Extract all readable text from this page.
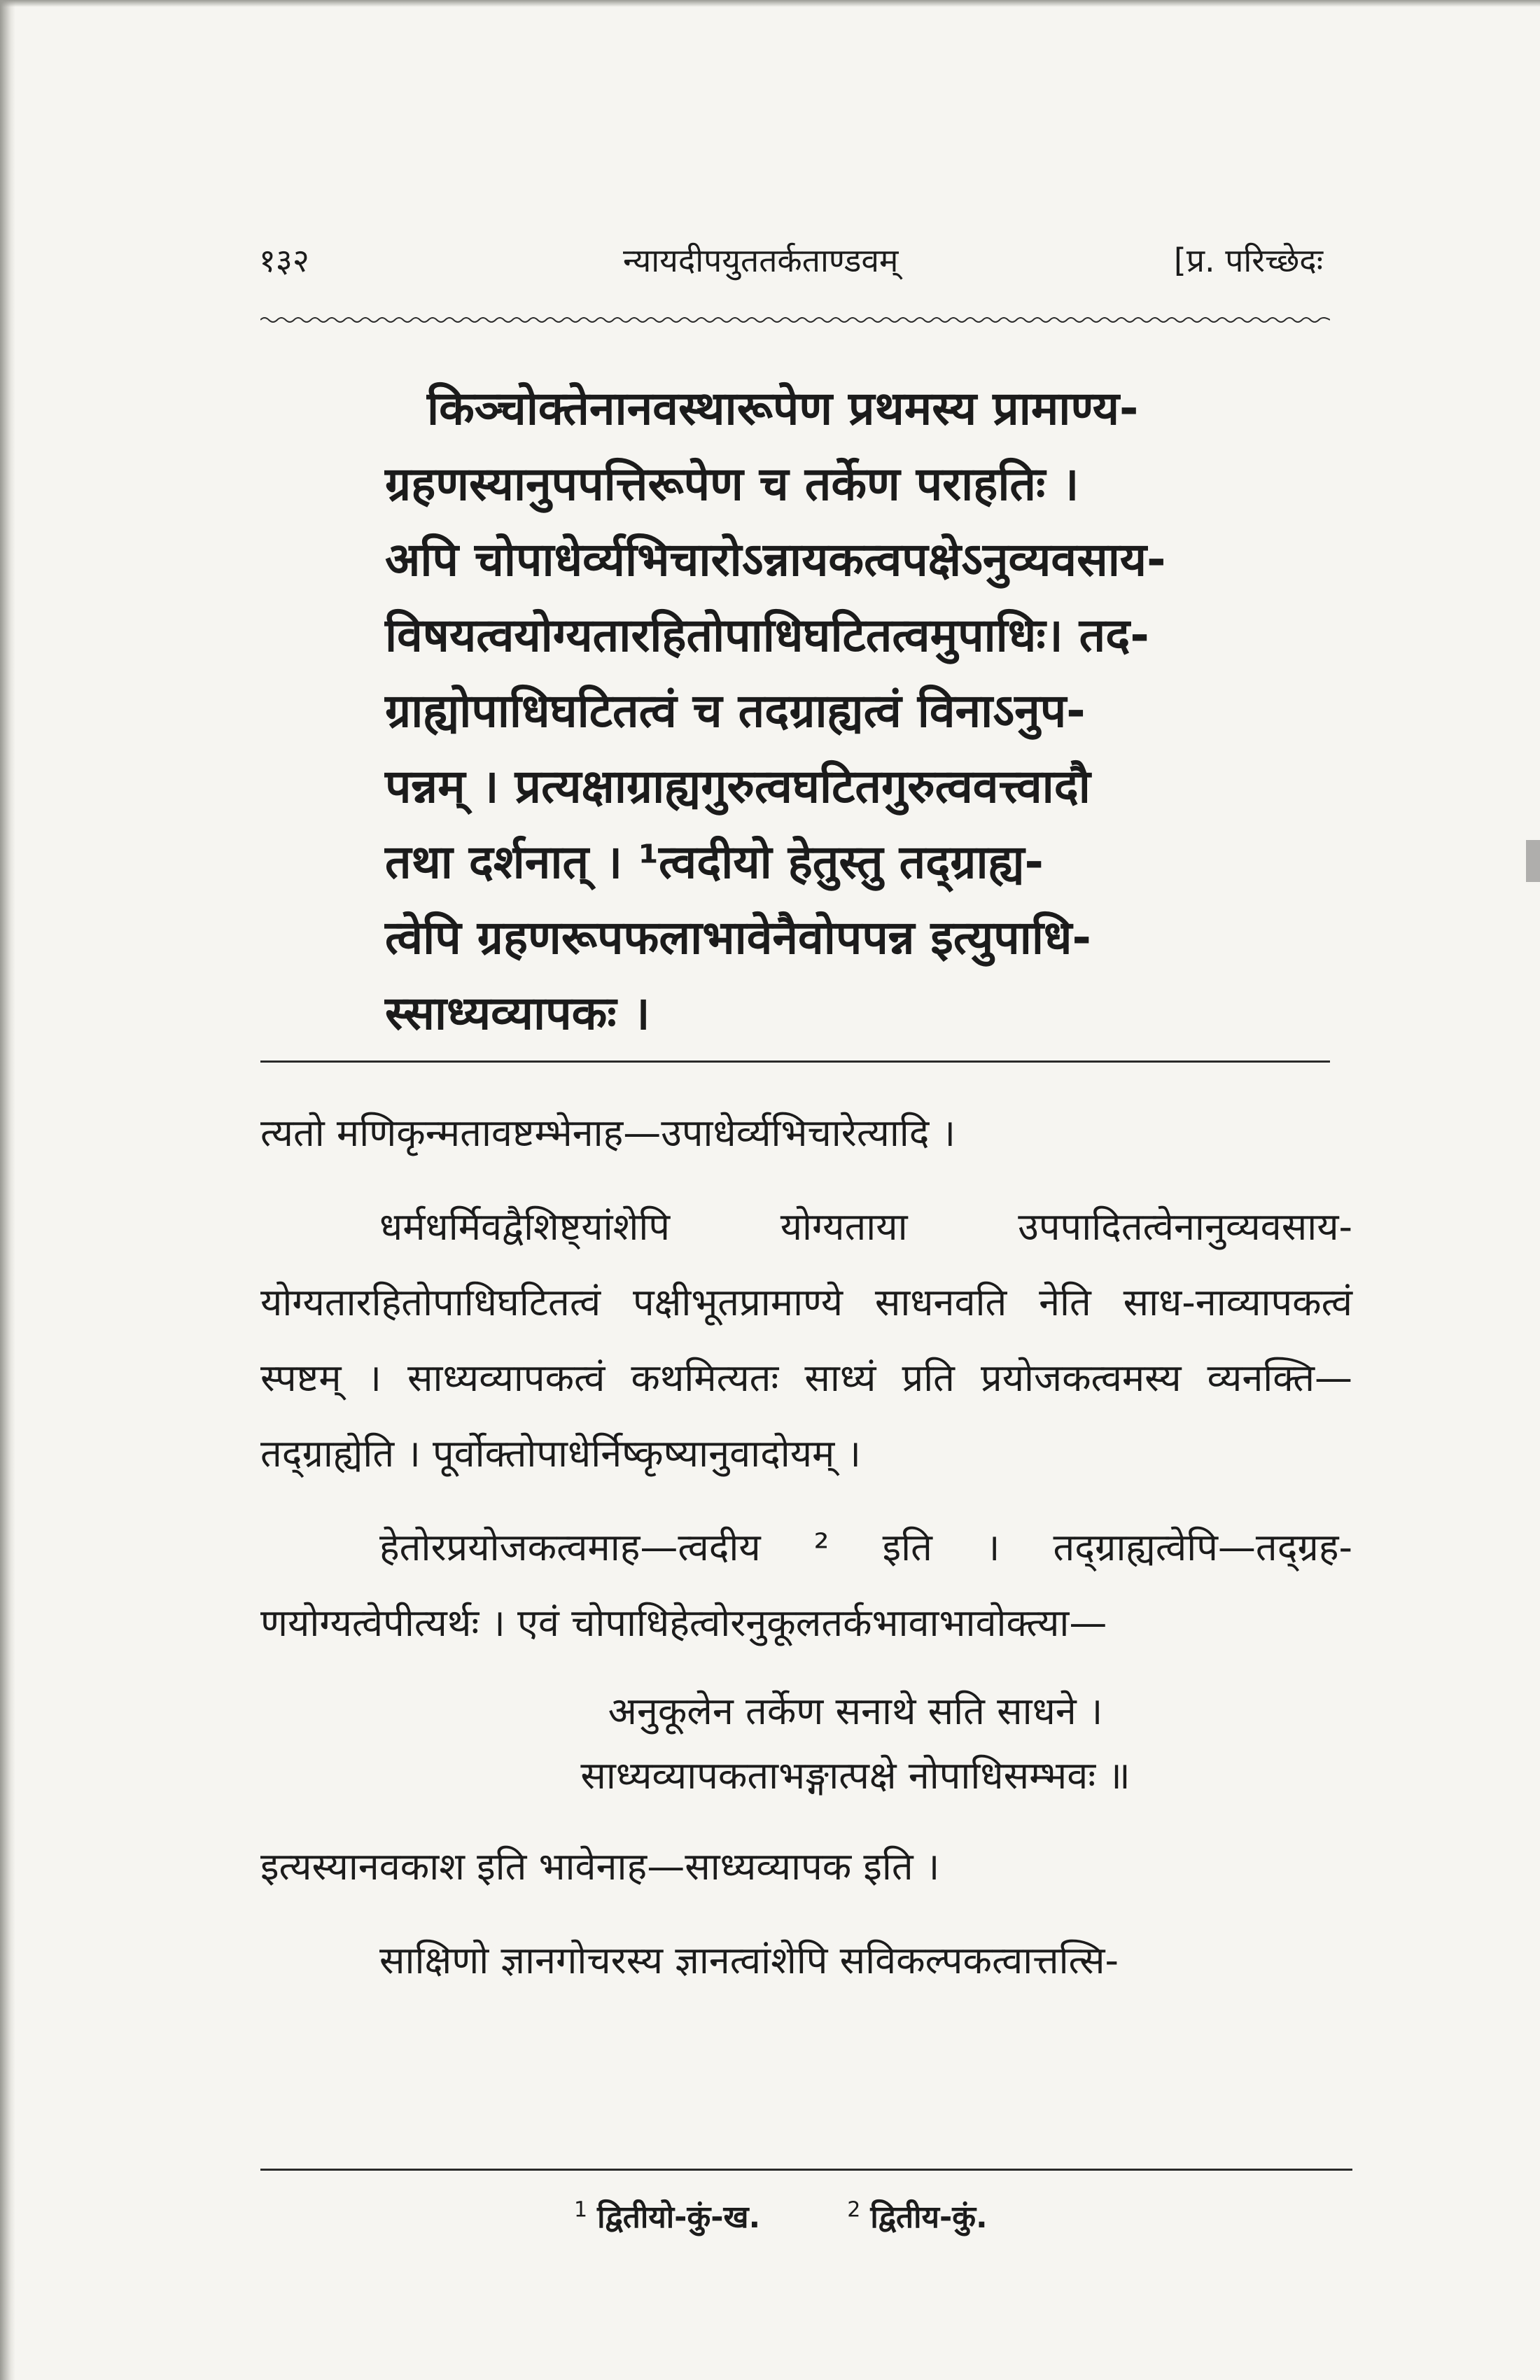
१३२	न्यायदीपयुततर्कताण्डवम्	[प्र. परिच्छेदः

किञ्चोक्तेनानवस्थारूपेण प्रथमस्य प्रामाण्य-

ग्रहणस्यानुपपत्तिरूपेण च तर्केण पराहतिः ।

अपि चोपाधेर्व्यभिचारोऽन्नायकत्वपक्षेऽनुव्यवसाय-

विषयत्वयोग्यतारहितोपाधिघटितत्वमुपाधिः। तद-

ग्राह्योपाधिघटितत्वं च तदग्राह्यत्वं विनाऽनुप-

पन्नम् । प्रत्यक्षाग्राह्यगुरुत्वघटितगुरुत्ववत्त्वादौ

तथा दर्शनात् । ¹त्वदीयो हेतुस्तु तद्ग्राह्य-

त्वेपि ग्रहणरूपफलाभावेनैवोपपन्न इत्युपाधि-

स्साध्यव्यापकः ।

त्यतो मणिकृन्मतावष्टम्भेनाह—उपाधेर्व्यभिचारेत्यादि ।

धर्मधर्मिवद्वैशिष्ट्यांशेपि योग्यताया उपपादितत्वेनानुव्यवसाय-योग्यतारहितोपाधिघटितत्वं पक्षीभूतप्रामाण्ये साधनवति नेति साध-नाव्यापकत्वं स्पष्टम् । साध्यव्यापकत्वं कथमित्यतः साध्यं प्रति प्रयोजकत्वमस्य व्यनक्ति—तद्ग्राह्येति । पूर्वोक्तोपाधेर्निष्कृष्यानुवादोयम् ।

हेतोरप्रयोजकत्वमाह—त्वदीय ² इति । तद्ग्राह्यत्वेपि—तद्ग्रह-णयोग्यत्वेपीत्यर्थः । एवं चोपाधिहेत्वोरनुकूलतर्कभावाभावोक्त्या—

अनुकूलेन तर्केण सनाथे सति साधने ।
साध्यव्यापकताभङ्गात्पक्षे नोपाधिसम्भवः ॥

इत्यस्यानवकाश इति भावेनाह—साध्यव्यापक इति ।

साक्षिणो ज्ञानगोचरस्य ज्ञानत्वांशेपि सविकल्पकत्वात्तत्सि-

$^1$ द्वितीयो-कुं-ख.	$^2$ द्वितीय-कुं.
